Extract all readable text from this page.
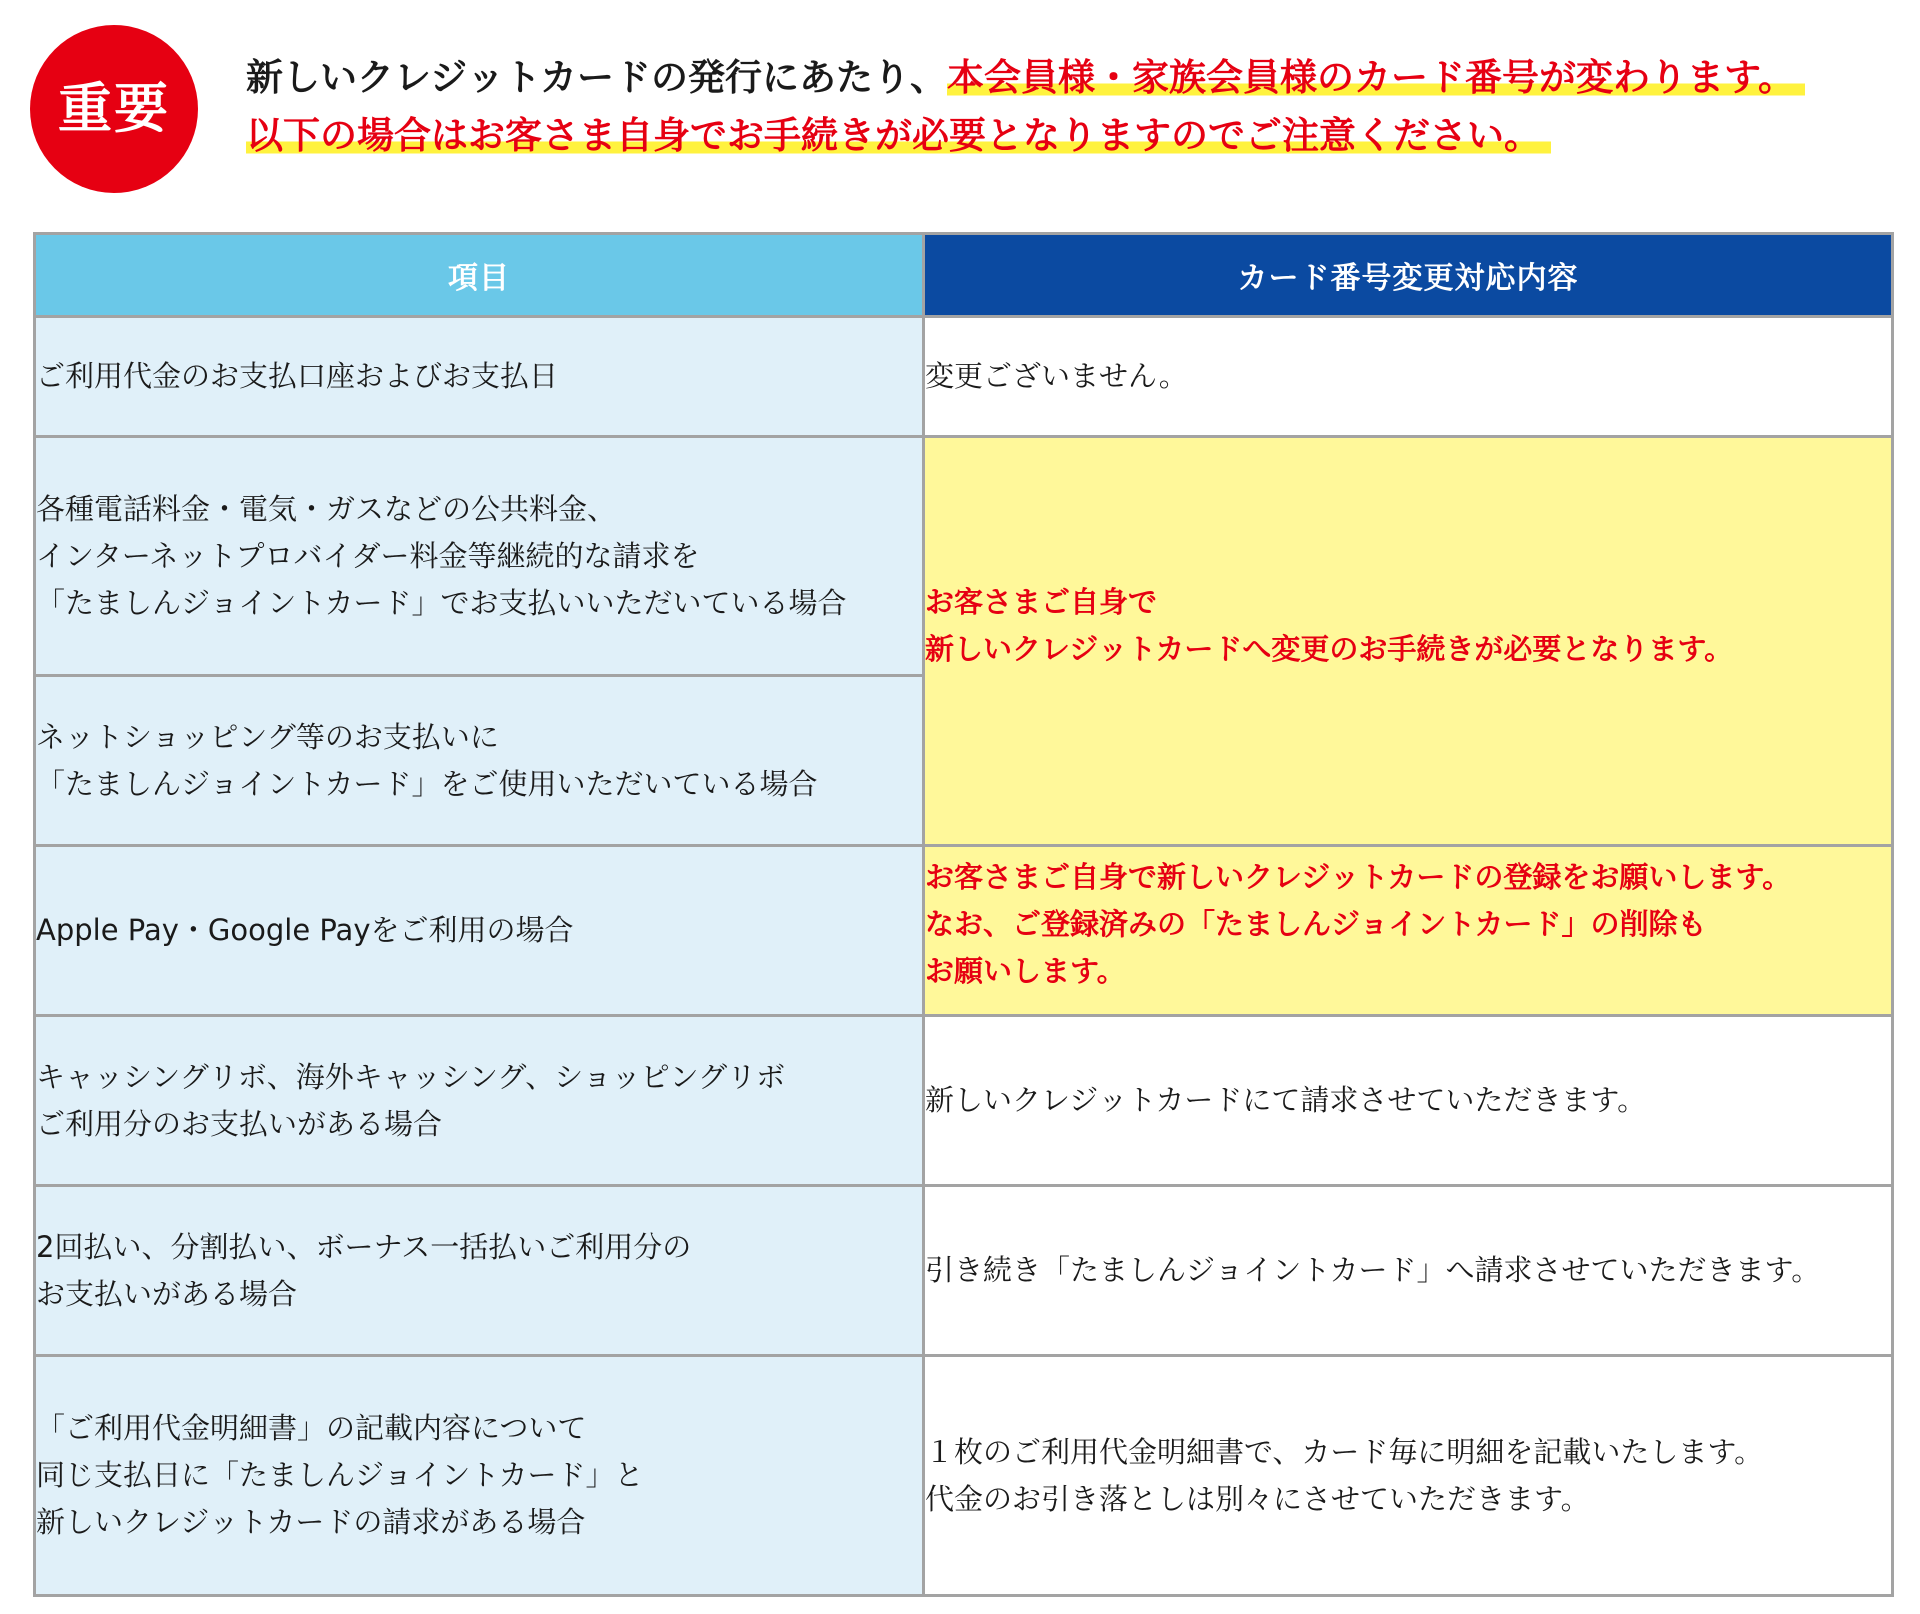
重要	新しいクレジットカードの発行にあたり、本会員様・家族会員様のカード番号が変わります。
以下の場合はお客さま自身でお手続きが必要となりますのでご注意ください。
項目	カード番号変更対応内容

ご利用代金のお支払口座およびお支払日	変更ございません。

各種電話料金・電気・ガスなどの公共料金、
インターネットプロバイダー料金等継続的な請求を
「たましんジョイントカード」でお支払いいただいている場合	お客さまご自身で
新しいクレジットカードへ変更のお手続きが必要となります。

ネットショッピング等のお支払いに
「たましんジョイントカード」をご使用いただいている場合	

Apple Pay・Google Payをご利用の場合	お客さまご自身で新しいクレジットカードの登録をお願いします。
なお、ご登録済みの「たましんジョイントカード」の削除も
お願いします。

キャッシングリボ、海外キャッシング、ショッピングリボ
ご利用分のお支払いがある場合	新しいクレジットカードにて請求させていただきます。

2回払い、分割払い、ボーナス一括払いご利用分の
お支払いがある場合	引き続き「たましんジョイントカード」へ請求させていただきます。

「ご利用代金明細書」の記載内容について
同じ支払日に「たましんジョイントカード」と
新しいクレジットカードの請求がある場合	１枚のご利用代金明細書で、カード毎に明細を記載いたします。
代金のお引き落としは別々にさせていただきます。
